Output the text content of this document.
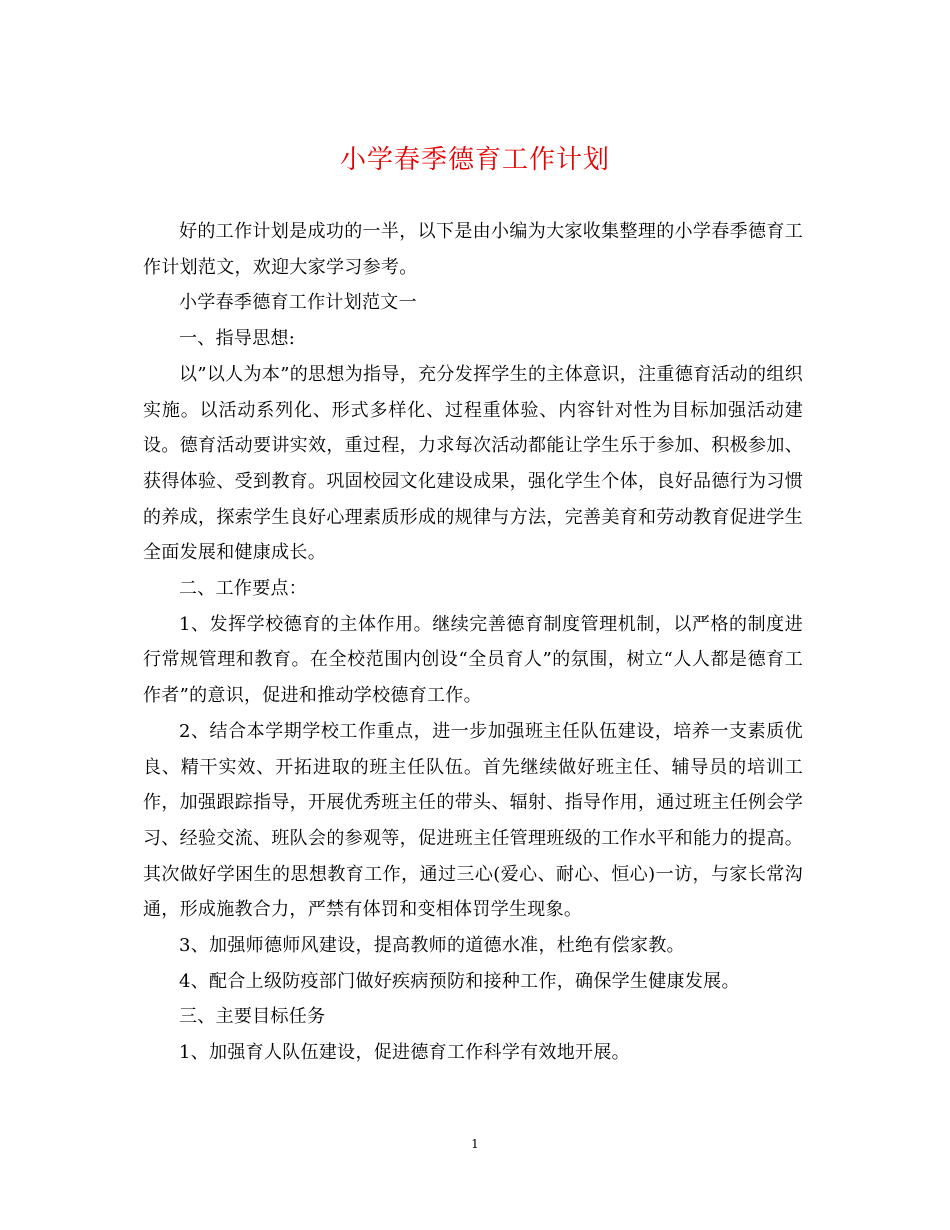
小学春季德育工作计划

好的工作计划是成功的一半，以下是由小编为大家收集整理的小学春季德育工作计划范文，欢迎大家学习参考。

小学春季德育工作计划范文一

一、指导思想:

以”以人为本”的思想为指导，充分发挥学生的主体意识，注重德育活动的组织实施。以活动系列化、形式多样化、过程重体验、内容针对性为目标加强活动建设。德育活动要讲实效，重过程，力求每次活动都能让学生乐于参加、积极参加、获得体验、受到教育。巩固校园文化建设成果，强化学生个体，良好品德行为习惯的养成，探索学生良好心理素质形成的规律与方法，完善美育和劳动教育促进学生全面发展和健康成长。

二、工作要点：

1、发挥学校德育的主体作用。继续完善德育制度管理机制，以严格的制度进行常规管理和教育。在全校范围内创设“全员育人”的氛围，树立“人人都是德育工作者”的意识，促进和推动学校德育工作。

2、结合本学期学校工作重点，进一步加强班主任队伍建设，培养一支素质优良、精干实效、开拓进取的班主任队伍。首先继续做好班主任、辅导员的培训工作，加强跟踪指导，开展优秀班主任的带头、辐射、指导作用，通过班主任例会学习、经验交流、班队会的参观等，促进班主任管理班级的工作水平和能力的提高。其次做好学困生的思想教育工作，通过三心(爱心、耐心、恒心)一访，与家长常沟通，形成施教合力，严禁有体罚和变相体罚学生现象。

3、加强师德师风建设，提高教师的道德水准，杜绝有偿家教。

4、配合上级防疫部门做好疾病预防和接种工作，确保学生健康发展。

三、主要目标任务

1、加强育人队伍建设，促进德育工作科学有效地开展。

1
